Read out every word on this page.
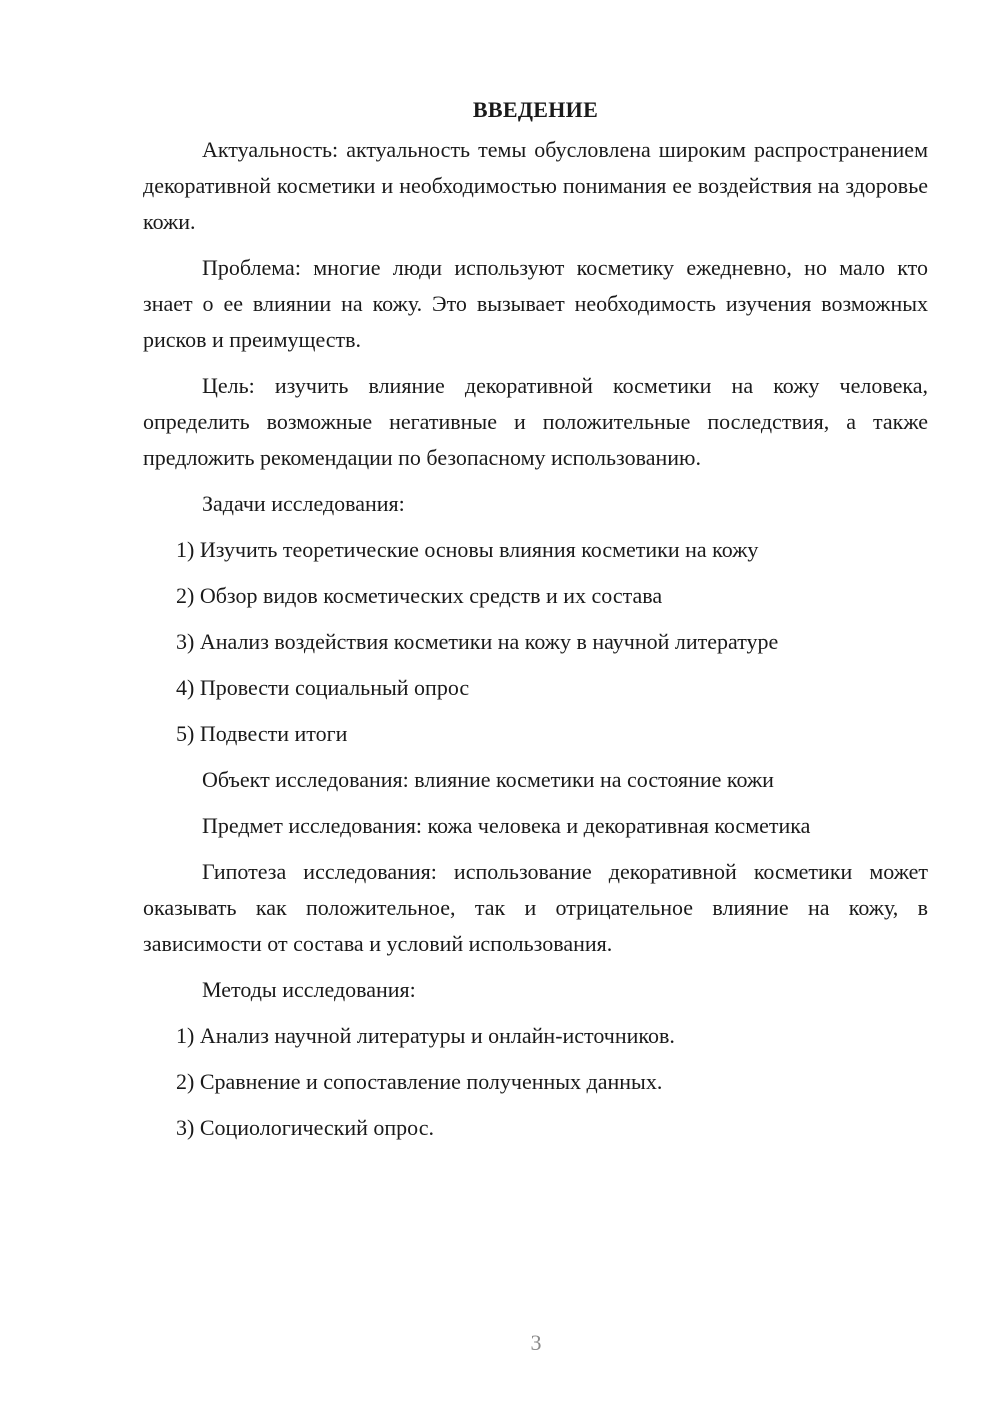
ВВЕДЕНИЕ

Актуальность: актуальность темы обусловлена широким распространением декоративной косметики и необходимостью понимания ее воздействия на здоровье кожи.

Проблема: многие люди используют косметику ежедневно, но мало кто знает о ее влиянии на кожу. Это вызывает необходимость изучения возможных рисков и преимуществ.

Цель: изучить влияние декоративной косметики на кожу человека, определить возможные негативные и положительные последствия, а также предложить рекомендации по безопасному использованию.

Задачи исследования:
1) Изучить теоретические основы влияния косметики на кожу
2) Обзор видов косметических средств и их состава
3) Анализ воздействия косметики на кожу в научной литературе
4) Провести социальный опрос
5) Подвести итоги
Объект исследования: влияние косметики на состояние кожи
Предмет исследования: кожа человека и декоративная косметика

Гипотеза исследования: использование декоративной косметики может оказывать как положительное, так и отрицательное влияние на кожу, в зависимости от состава и условий использования.

Методы исследования:
1) Анализ научной литературы и онлайн-источников.
2) Сравнение и сопоставление полученных данных.
3) Социологический опрос.
3
